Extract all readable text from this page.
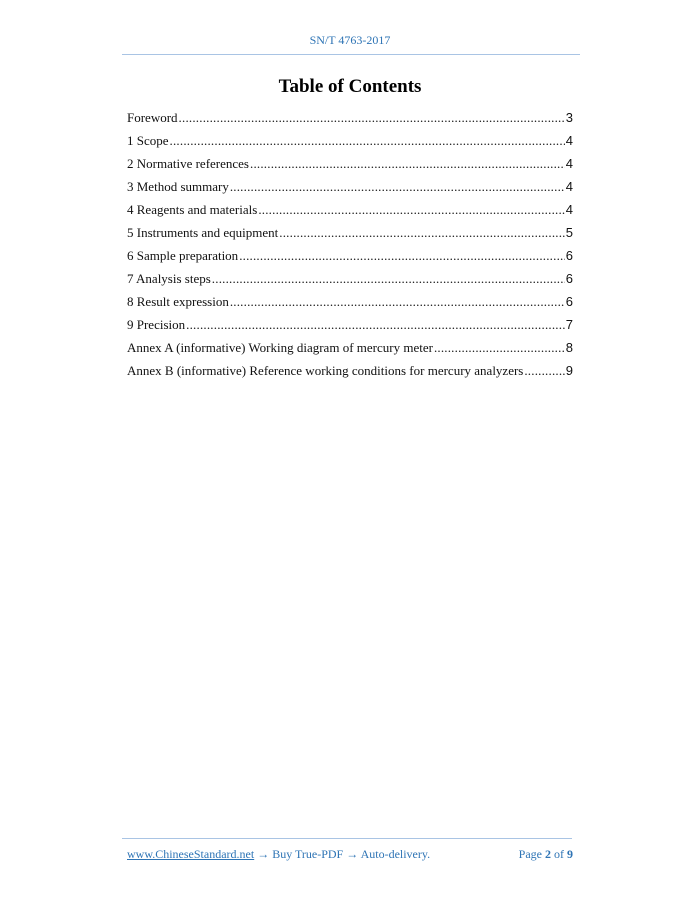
SN/T 4763-2017
Table of Contents
Foreword .....	3
1 Scope .....	4
2 Normative references .....	4
3 Method summary .....	4
4 Reagents and materials .....	4
5 Instruments and equipment .....	5
6 Sample preparation .....	6
7 Analysis steps .....	6
8 Result expression .....	6
9 Precision .....	7
Annex A (informative) Working diagram of mercury meter .....	8
Annex B (informative) Reference working conditions for mercury analyzers .....	9
www.ChineseStandard.net → Buy True-PDF → Auto-delivery.	Page 2 of 9
